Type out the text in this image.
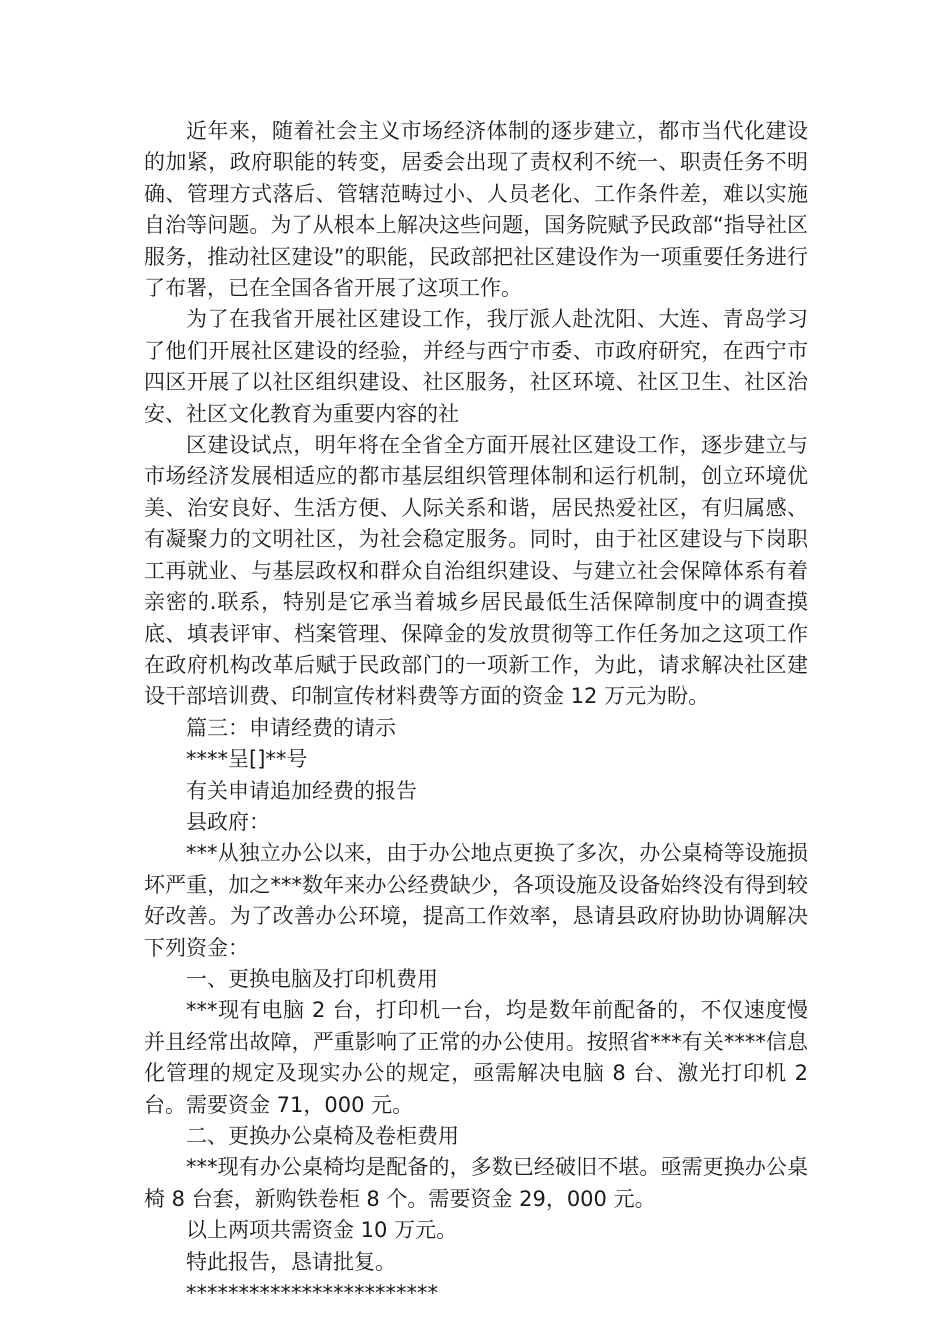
近年来，随着社会主义市场经济体制的逐步建立，都市当代化建设的加紧，政府职能的转变，居委会出现了责权利不统一、职责任务不明确、管理方式落后、管辖范畴过小、人员老化、工作条件差，难以实施自治等问题。为了从根本上解决这些问题，国务院赋予民政部“指导社区服务，推动社区建设”的职能，民政部把社区建设作为一项重要任务进行了布署，已在全国各省开展了这项工作。

为了在我省开展社区建设工作，我厅派人赴沈阳、大连、青岛学习了他们开展社区建设的经验，并经与西宁市委、市政府研究，在西宁市四区开展了以社区组织建设、社区服务，社区环境、社区卫生、社区治安、社区文化教育为重要内容的社

区建设试点，明年将在全省全方面开展社区建设工作，逐步建立与市场经济发展相适应的都市基层组织管理体制和运行机制，创立环境优美、治安良好、生活方便、人际关系和谐，居民热爱社区，有归属感、有凝聚力的文明社区，为社会稳定服务。同时，由于社区建设与下岗职工再就业、与基层政权和群众自治组织建设、与建立社会保障体系有着亲密的.联系，特别是它承当着城乡居民最低生活保障制度中的调查摸底、填表评审、档案管理、保障金的发放贯彻等工作任务加之这项工作在政府机构改革后赋于民政部门的一项新工作，为此，请求解决社区建设干部培训费、印制宣传材料费等方面的资金 12 万元为盼。

篇三：申请经费的请示

****呈[]**号

有关申请追加经费的报告

县政府：

***从独立办公以来，由于办公地点更换了多次，办公桌椅等设施损坏严重，加之***数年来办公经费缺少，各项设施及设备始终没有得到较好改善。为了改善办公环境，提高工作效率，恳请县政府协助协调解决下列资金：

一、更换电脑及打印机费用

***现有电脑 2 台，打印机一台，均是数年前配备的，不仅速度慢并且经常出故障，严重影响了正常的办公使用。按照省***有关****信息化管理的规定及现实办公的规定，亟需解决电脑 8 台、激光打印机 2 台。需要资金 71，000 元。

二、更换办公桌椅及卷柜费用

***现有办公桌椅均是配备的，多数已经破旧不堪。亟需更换办公桌椅 8 台套，新购铁卷柜 8 个。需要资金 29，000 元。

以上两项共需资金 10 万元。

特此报告，恳请批复。

************************
